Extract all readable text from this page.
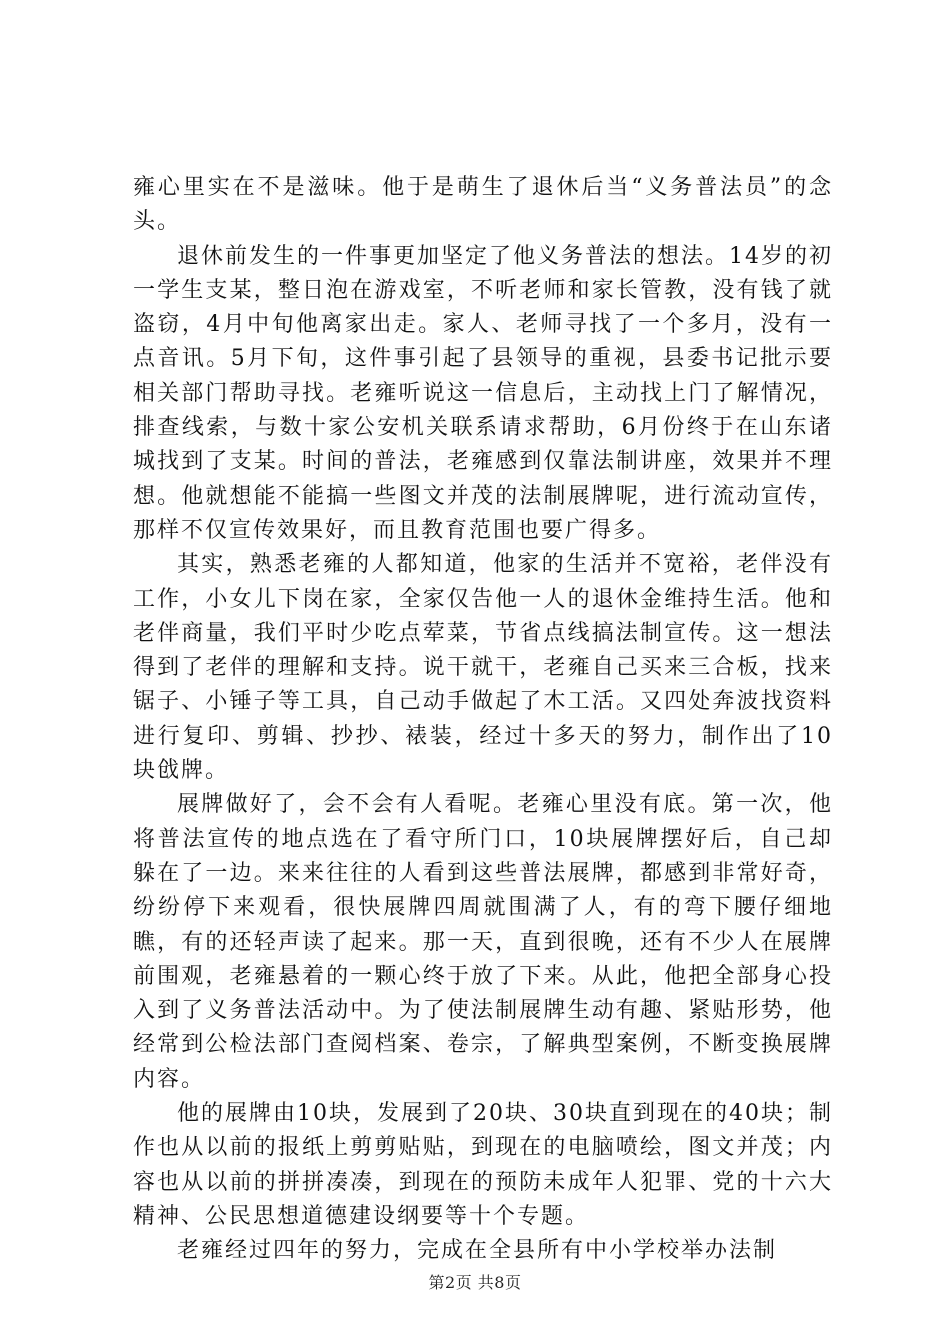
雍心里实在不是滋味。他于是萌生了退休后当“义务普法员”的念头。

退休前发生的一件事更加坚定了他义务普法的想法。14岁的初一学生支某，整日泡在游戏室，不听老师和家长管教，没有钱了就盗窃，4月中旬他离家出走。家人、老师寻找了一个多月，没有一点音讯。5月下旬，这件事引起了县领导的重视，县委书记批示要相关部门帮助寻找。老雍听说这一信息后，主动找上门了解情况，排查线索，与数十家公安机关联系请求帮助，6月份终于在山东诸城找到了支某。时间的普法，老雍感到仅靠法制讲座，效果并不理想。他就想能不能搞一些图文并茂的法制展牌呢，进行流动宣传，那样不仅宣传效果好，而且教育范围也要广得多。

其实，熟悉老雍的人都知道，他家的生活并不宽裕，老伴没有工作，小女儿下岗在家，全家仅告他一人的退休金维持生活。他和老伴商量，我们平时少吃点荤菜，节省点线搞法制宣传。这一想法得到了老伴的理解和支持。说干就干，老雍自己买来三合板，找来锯子、小锤子等工具，自己动手做起了木工活。又四处奔波找资料进行复印、剪辑、抄抄、裱装，经过十多天的努力，制作出了10块戗牌。

展牌做好了，会不会有人看呢。老雍心里没有底。第一次，他将普法宣传的地点选在了看守所门口，10块展牌摆好后，自己却躲在了一边。来来往往的人看到这些普法展牌，都感到非常好奇，纷纷停下来观看，很快展牌四周就围满了人，有的弯下腰仔细地瞧，有的还轻声读了起来。那一天，直到很晚，还有不少人在展牌前围观，老雍悬着的一颗心终于放了下来。从此，他把全部身心投入到了义务普法活动中。为了使法制展牌生动有趣、紧贴形势，他经常到公检法部门查阅档案、卷宗，了解典型案例，不断变换展牌内容。

他的展牌由10块，发展到了20块、30块直到现在的40块；制作也从以前的报纸上剪剪贴贴，到现在的电脑喷绘，图文并茂；内容也从以前的拼拼凑凑，到现在的预防未成年人犯罪、党的十六大精神、公民思想道德建设纲要等十个专题。

老雍经过四年的努力，完成在全县所有中小学校举办法制

第2页 共8页
